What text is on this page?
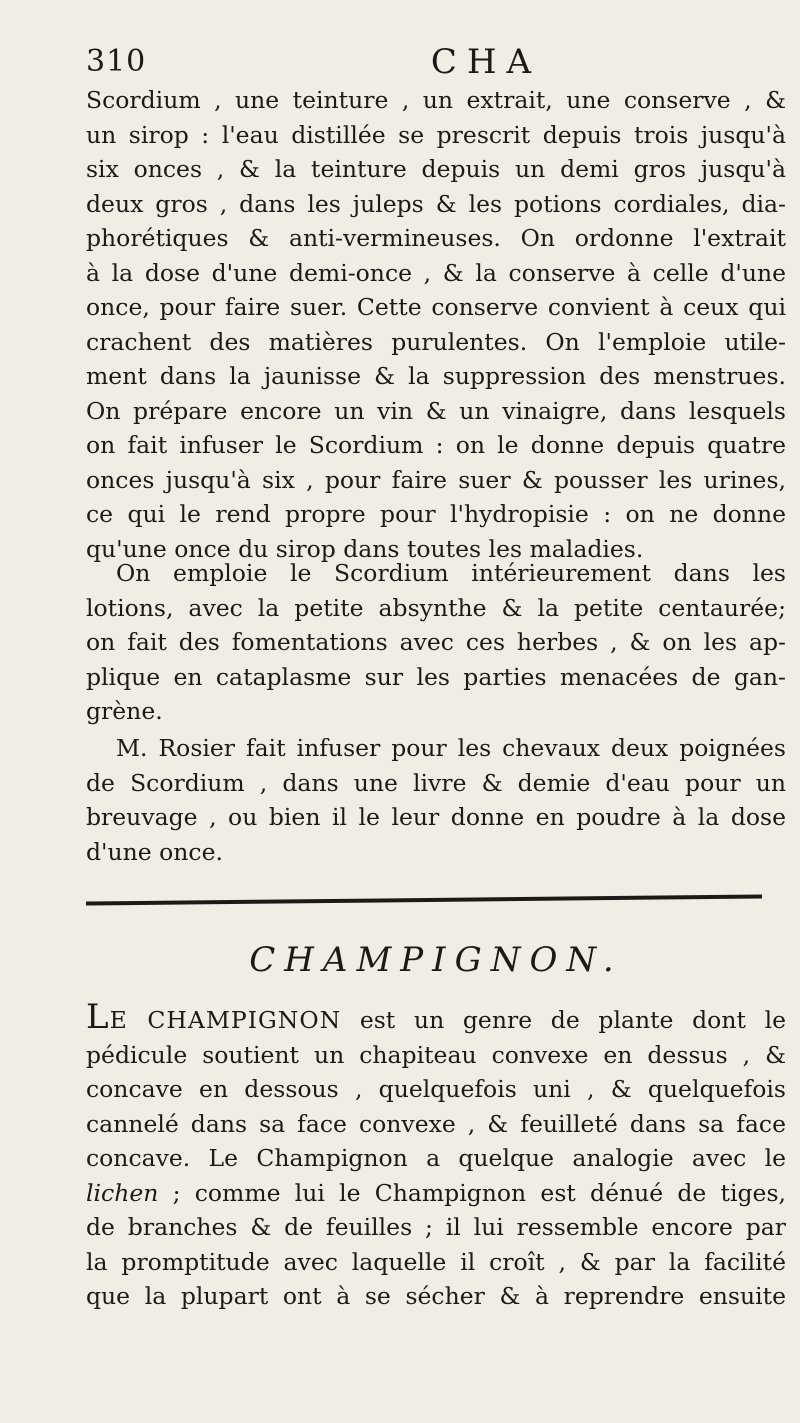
310	CHA
Scordium , une teinture , un extrait, une conserve , &
un sirop : l'eau distillée se prescrit depuis trois jusqu'à
six onces , & la teinture depuis un demi gros jusqu'à
deux gros , dans les juleps & les potions cordiales, dia-
phorétiques & anti-vermineuses. On ordonne l'extrait
à la dose d'une demi-once , & la conserve à celle d'une
once, pour faire suer. Cette conserve convient à ceux qui
crachent des matières purulentes. On l'emploie utile-
ment dans la jaunisse & la suppression des menstrues.
On prépare encore un vin & un vinaigre, dans lesquels
on fait infuser le Scordium : on le donne depuis quatre
onces jusqu'à six , pour faire suer & pousser les urines,
ce qui le rend propre pour l'hydropisie : on ne donne
qu'une once du sirop dans toutes les maladies.
On emploie le Scordium intérieurement dans les
lotions, avec la petite absynthe & la petite centaurée;
on fait des fomentations avec ces herbes , & on les ap-
plique en cataplasme sur les parties menacées de gan-
grène.
M. Rosier fait infuser pour les chevaux deux poignées
de Scordium , dans une livre & demie d'eau pour un
breuvage , ou bien il le leur donne en poudre à la dose
d'une once.
CHAMPIGNON.
LE CHAMPIGNON est un genre de plante dont le
pédicule soutient un chapiteau convexe en dessus , &
concave en dessous , quelquefois uni , & quelquefois
cannelé dans sa face convexe , & feuilleté dans sa face
concave. Le Champignon a quelque analogie avec le
lichen ; comme lui le Champignon est dénué de tiges,
de branches & de feuilles ; il lui ressemble encore par
la promptitude avec laquelle il croît , & par la facilité
que la plupart ont à se sécher & à reprendre ensuite
